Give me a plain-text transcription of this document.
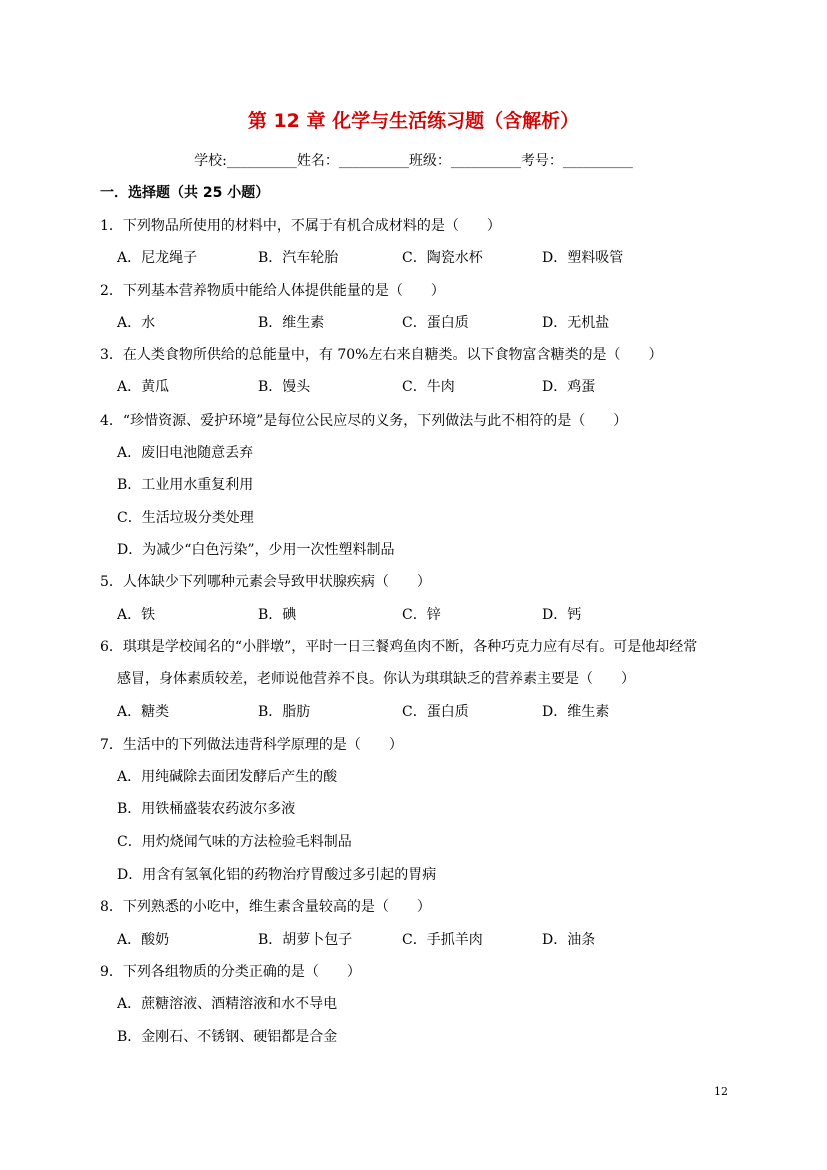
第 12 章 化学与生活练习题（含解析）
学校:__________姓名：__________班级：__________考号：__________
一．选择题（共 25 小题）
1．下列物品所使用的材料中，不属于有机合成材料的是（　　）
A．尼龙绳子	B．汽车轮胎	C．陶瓷水杯	D．塑料吸管
2．下列基本营养物质中能给人体提供能量的是（　　）
A．水	B．维生素	C．蛋白质	D．无机盐
3．在人类食物所供给的总能量中，有 70%左右来自糖类。以下食物富含糖类的是（　　）
A．黄瓜	B．馒头	C．牛肉	D．鸡蛋
4．“珍惜资源、爱护环境”是每位公民应尽的义务，下列做法与此不相符的是（　　）
A．废旧电池随意丢弃
B．工业用水重复利用
C．生活垃圾分类处理
D．为减少“白色污染”，少用一次性塑料制品
5．人体缺少下列哪种元素会导致甲状腺疾病（　　）
A．铁	B．碘	C．锌	D．钙
6．琪琪是学校闻名的“小胖墩”，平时一日三餐鸡鱼肉不断，各种巧克力应有尽有。可是他却经常
感冒，身体素质较差，老师说他营养不良。你认为琪琪缺乏的营养素主要是（　　）
A．糖类	B．脂肪	C．蛋白质	D．维生素
7．生活中的下列做法违背科学原理的是（　　）
A．用纯碱除去面团发酵后产生的酸
B．用铁桶盛装农药波尔多液
C．用灼烧闻气味的方法检验毛料制品
D．用含有氢氧化铝的药物治疗胃酸过多引起的胃病
8．下列熟悉的小吃中，维生素含量较高的是（　　）
A．酸奶	B．胡萝卜包子	C．手抓羊肉	D．油条
9．下列各组物质的分类正确的是（　　）
A．蔗糖溶液、酒精溶液和水不导电
B．金刚石、不锈钢、硬铝都是合金
12
